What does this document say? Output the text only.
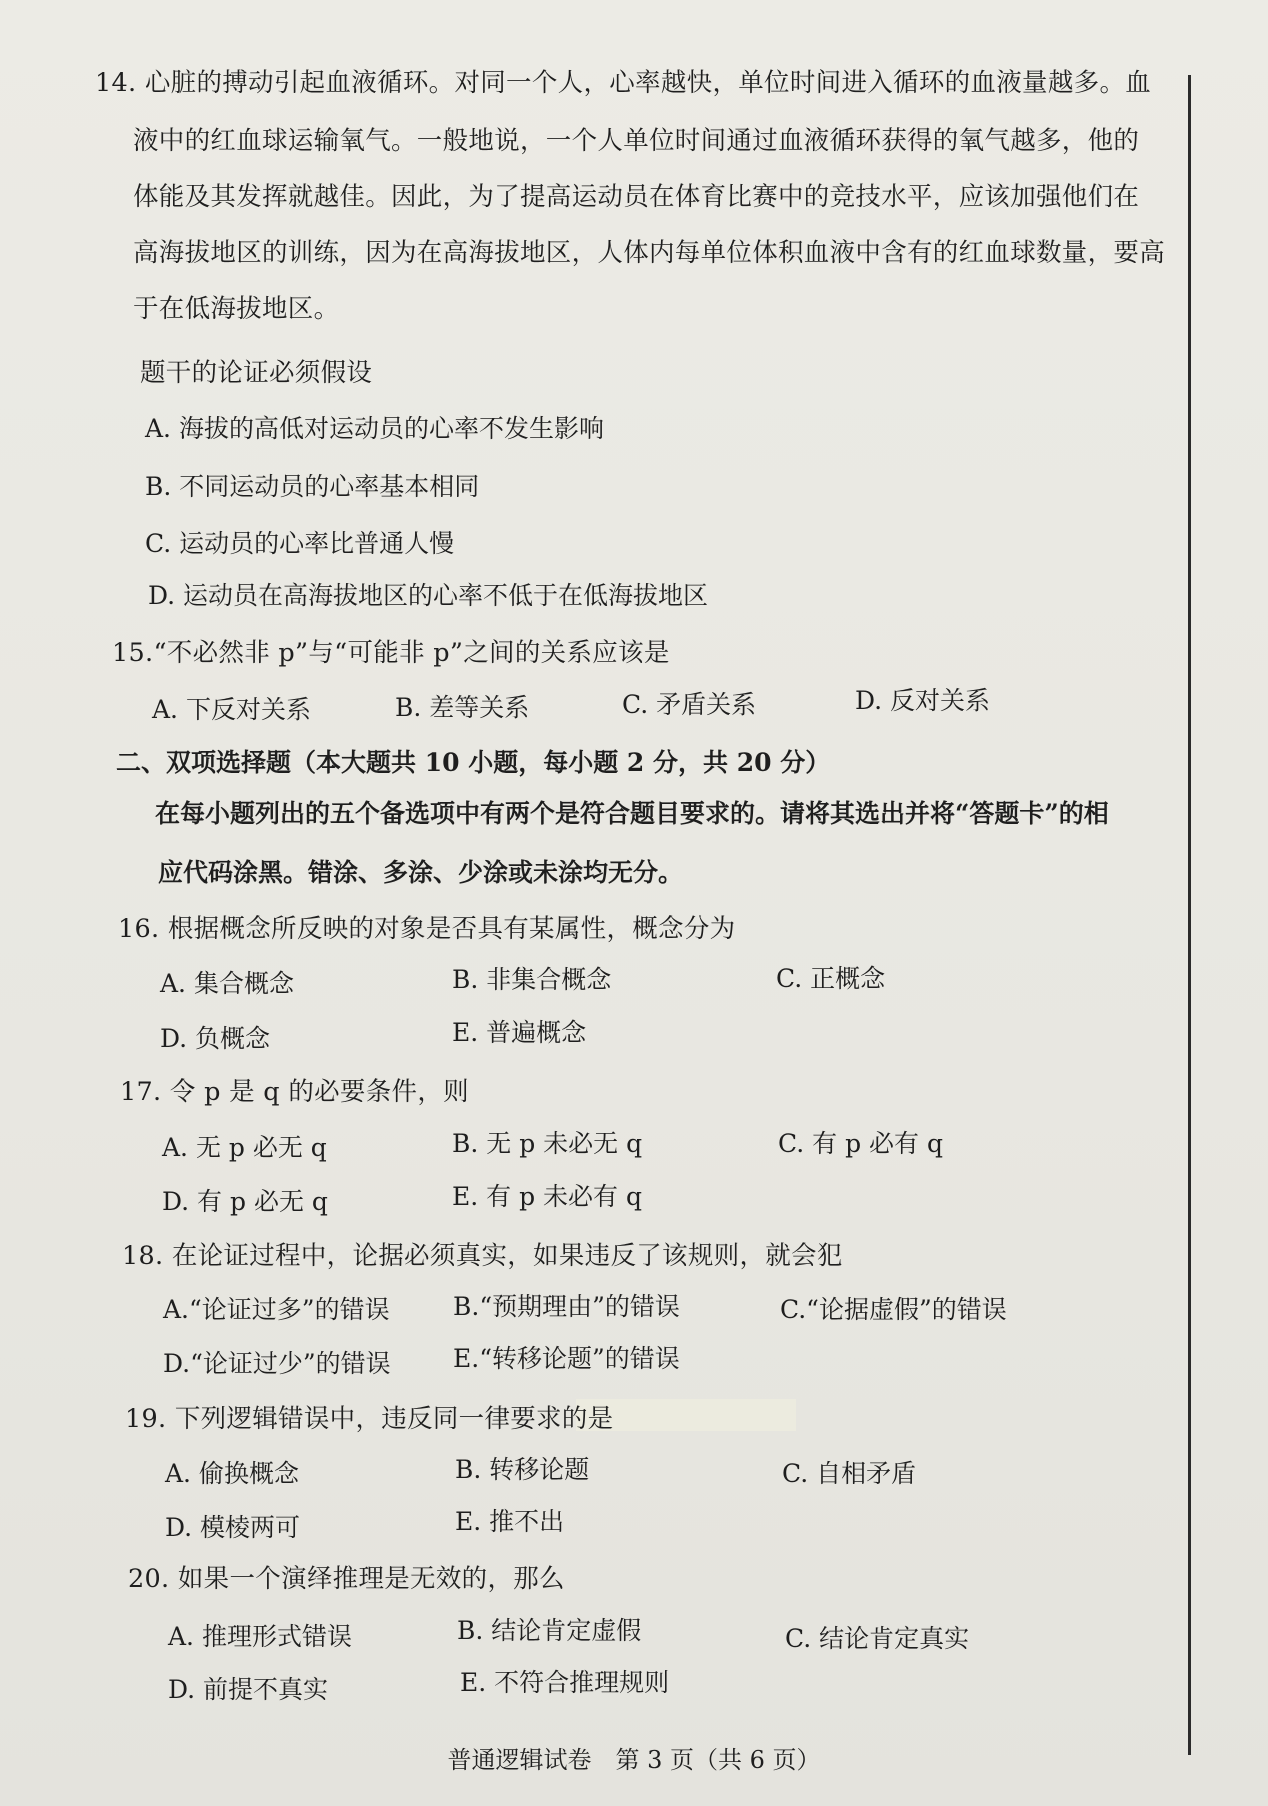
14. 心脏的搏动引起血液循环。对同一个人，心率越快，单位时间进入循环的血液量越多。血
液中的红血球运输氧气。一般地说，一个人单位时间通过血液循环获得的氧气越多，他的
体能及其发挥就越佳。因此，为了提高运动员在体育比赛中的竞技水平，应该加强他们在
高海拔地区的训练，因为在高海拔地区，人体内每单位体积血液中含有的红血球数量，要高
于在低海拔地区。
题干的论证必须假设
A. 海拔的高低对运动员的心率不发生影响
B. 不同运动员的心率基本相同
C. 运动员的心率比普通人慢
D. 运动员在高海拔地区的心率不低于在低海拔地区
15.“不必然非 p”与“可能非 p”之间的关系应该是
A. 下反对关系	B. 差等关系	C. 矛盾关系	D. 反对关系
二、双项选择题（本大题共 10 小题，每小题 2 分，共 20 分）
在每小题列出的五个备选项中有两个是符合题目要求的。请将其选出并将“答题卡”的相
应代码涂黑。错涂、多涂、少涂或未涂均无分。
16. 根据概念所反映的对象是否具有某属性，概念分为
A. 集合概念	B. 非集合概念	C. 正概念
D. 负概念	E. 普遍概念
17. 令 p 是 q 的必要条件，则
A. 无 p 必无 q	B. 无 p 未必无 q	C. 有 p 必有 q
D. 有 p 必无 q	E. 有 p 未必有 q
18. 在论证过程中，论据必须真实，如果违反了该规则，就会犯
A.“论证过多”的错误	B.“预期理由”的错误	C.“论据虚假”的错误
D.“论证过少”的错误 E.“转移论题”的错误
19. 下列逻辑错误中，违反同一律要求的是
A. 偷换概念	B. 转移论题	C. 自相矛盾
D. 模棱两可	E. 推不出
20. 如果一个演绎推理是无效的，那么
A. 推理形式错误	B. 结论肯定虚假	C. 结论肯定真实
D. 前提不真实	E. 不符合推理规则
普通逻辑试卷　第 3 页（共 6 页）
